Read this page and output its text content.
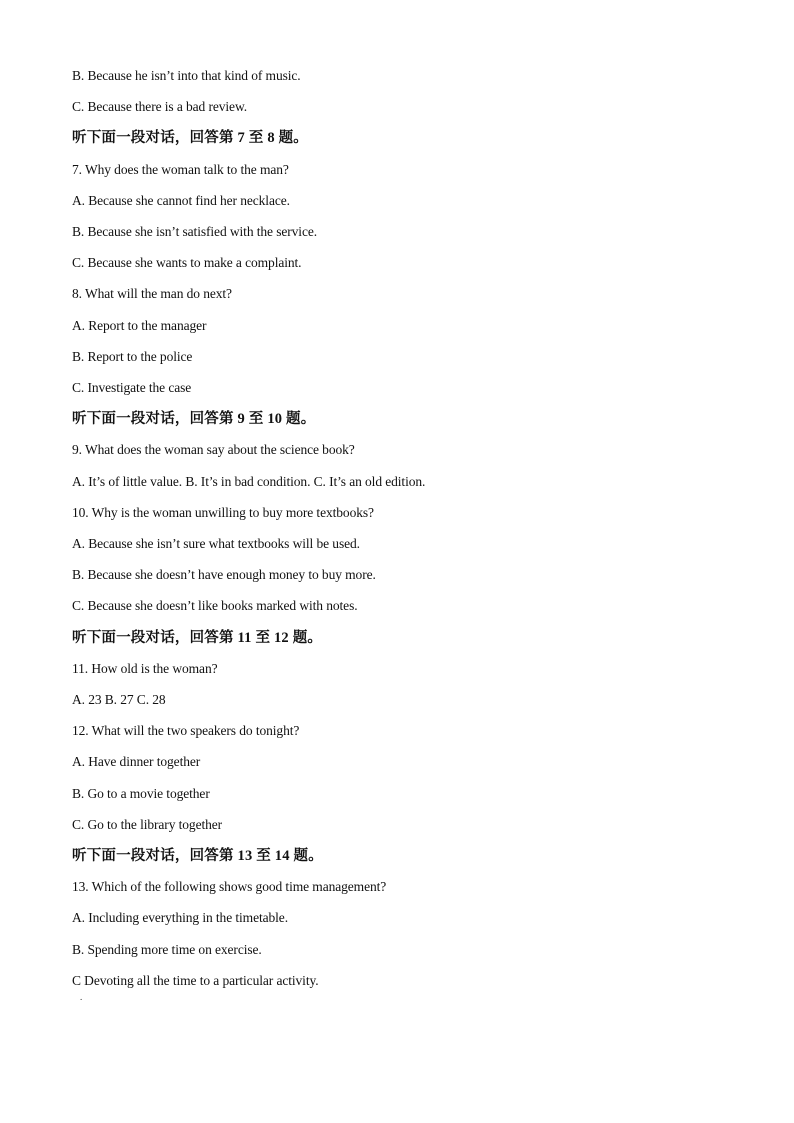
B. Because he isn’t into that kind of music.
C. Because there is a bad review.
听下面一段对话，回答第 7 至 8 题。
7. Why does the woman talk to the man?
A. Because she cannot find her necklace.
B. Because she isn’t satisfied with the service.
C. Because she wants to make a complaint.
8. What will the man do next?
A. Report to the manager
B. Report to the police
C. Investigate the case
听下面一段对话，回答第 9 至 10 题。
9. What does the woman say about the science book?
A. It’s of little value. B. It’s in bad condition. C. It’s an old edition.
10. Why is the woman unwilling to buy more textbooks?
A. Because she isn’t sure what textbooks will be used.
B. Because she doesn’t have enough money to buy more.
C. Because she doesn’t like books marked with notes.
听下面一段对话，回答第 11 至 12 题。
11. How old is the woman?
A. 23 B. 27 C. 28
12. What will the two speakers do tonight?
A. Have dinner together
B. Go to a movie together
C. Go to the library together
听下面一段对话，回答第 13 至 14 题。
13. Which of the following shows good time management?
A. Including everything in the timetable.
B. Spending more time on exercise.
C Devoting all the time to a particular activity.
.
